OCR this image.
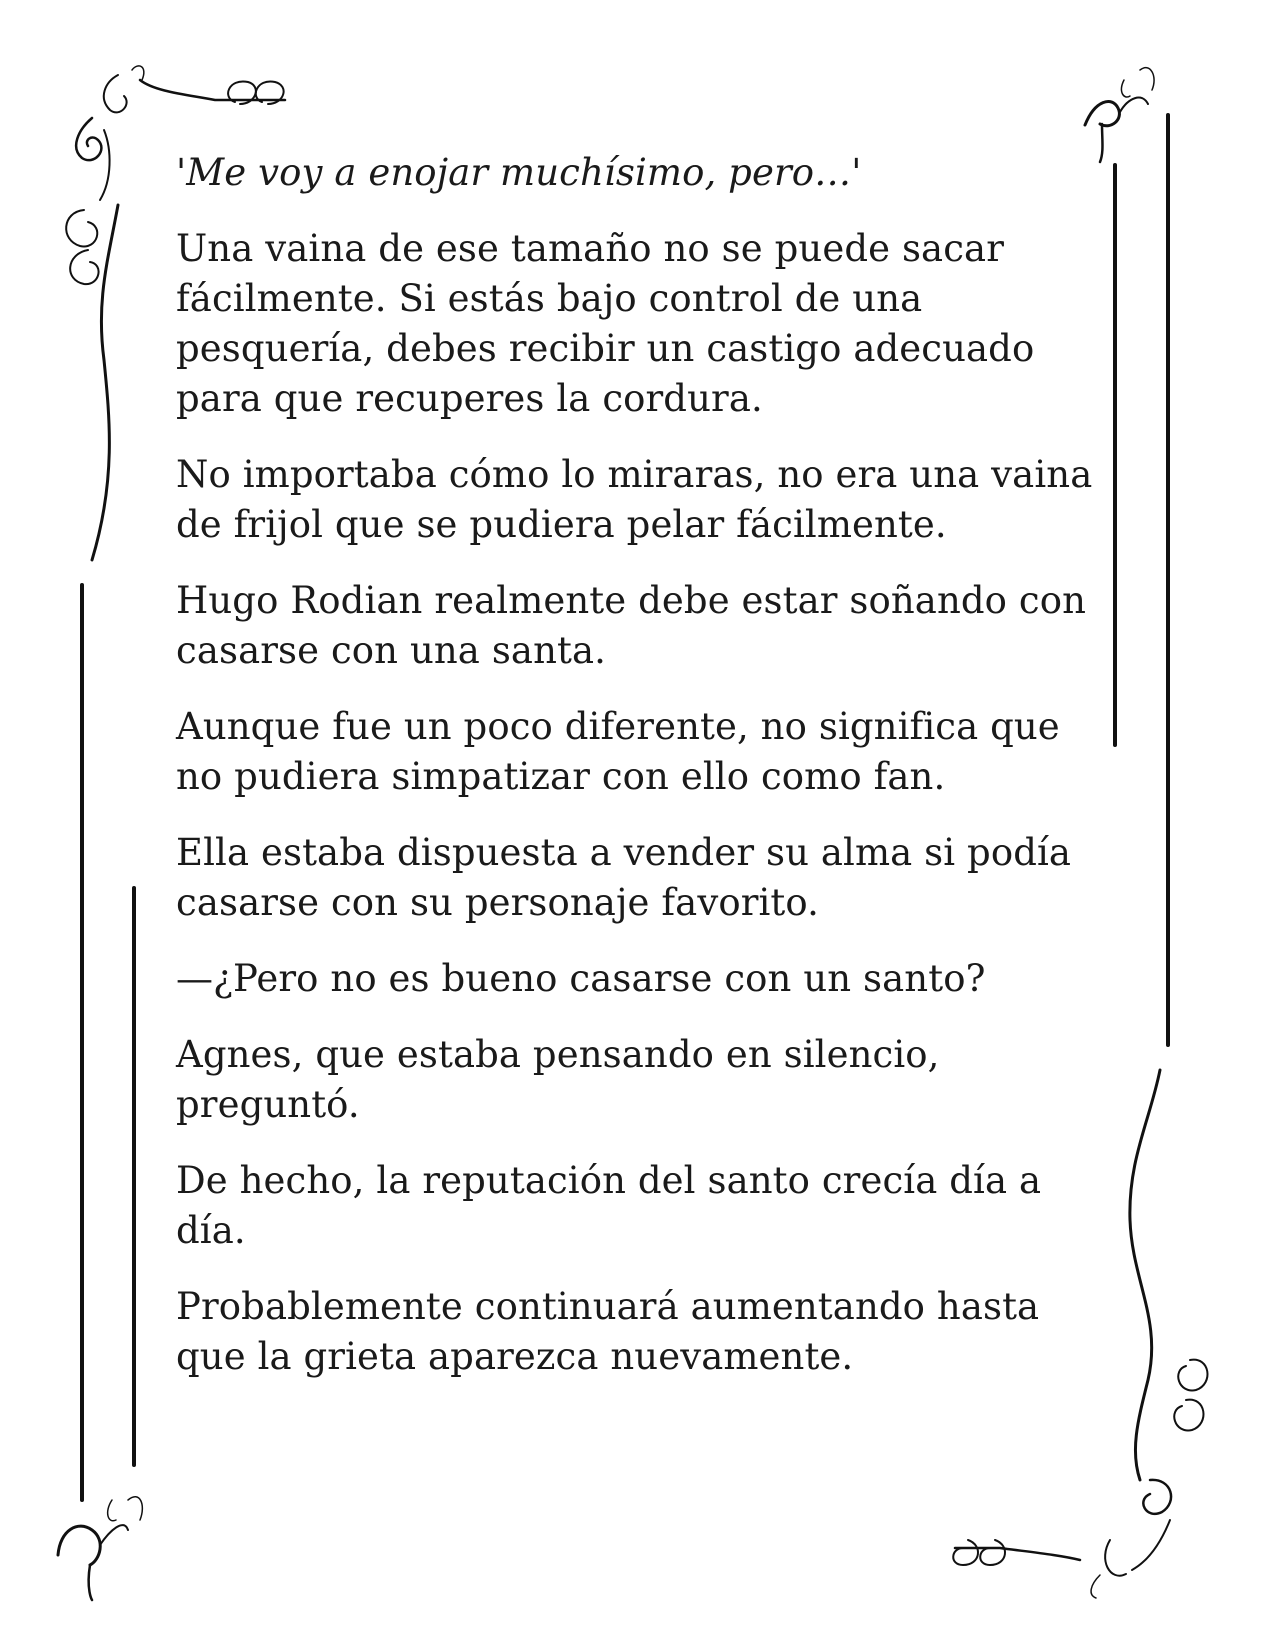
'Me voy a enojar muchísimo, pero…'

Una vaina de ese tamaño no se puede sacar fácilmente. Si estás bajo control de una pesquería, debes recibir un castigo adecuado para que recuperes la cordura.

No importaba cómo lo miraras, no era una vaina de frijol que se pudiera pelar fácilmente.

Hugo Rodian realmente debe estar soñando con casarse con una santa.

Aunque fue un poco diferente, no significa que no pudiera simpatizar con ello como fan.

Ella estaba dispuesta a vender su alma si podía casarse con su personaje favorito.

—¿Pero no es bueno casarse con un santo?

Agnes, que estaba pensando en silencio, preguntó.

De hecho, la reputación del santo crecía día a día.

Probablemente continuará aumentando hasta que la grieta aparezca nuevamente.
